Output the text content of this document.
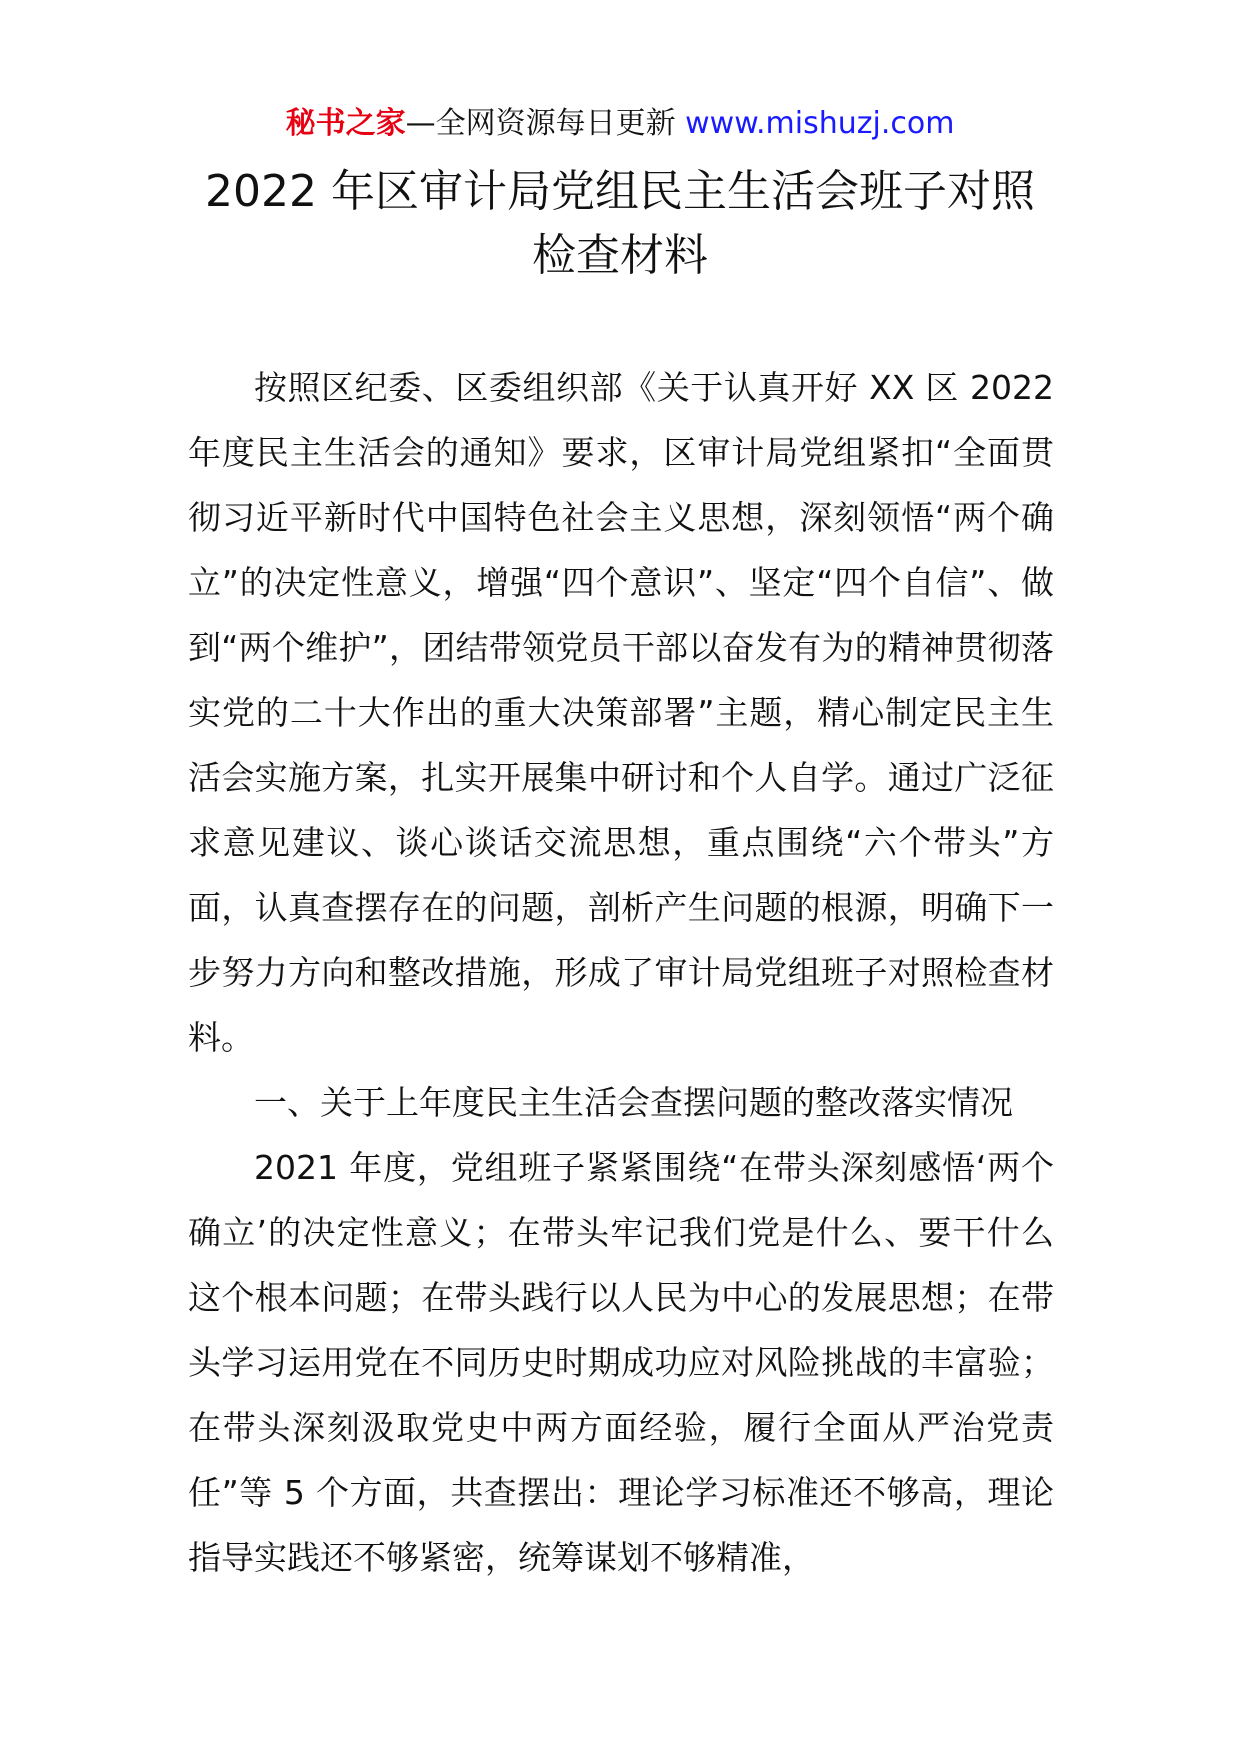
秘书之家—全网资源每日更新 www.mishuzj.com
2022 年区审计局党组民主生活会班子对照
检查材料

按照区纪委、区委组织部《关于认真开好 XX 区 2022 年度民主生活会的通知》要求，区审计局党组紧扣“全面贯彻习近平新时代中国特色社会主义思想，深刻领悟“两个确立”的决定性意义，增强“四个意识”、坚定“四个自信”、做到“两个维护”，团结带领党员干部以奋发有为的精神贯彻落实党的二十大作出的重大决策部署”主题，精心制定民主生活会实施方案，扎实开展集中研讨和个人自学。通过广泛征求意见建议、谈心谈话交流思想，重点围绕“六个带头”方面，认真查摆存在的问题，剖析产生问题的根源，明确下一步努力方向和整改措施，形成了审计局党组班子对照检查材料。

一、关于上年度民主生活会查摆问题的整改落实情况

2021 年度，党组班子紧紧围绕“在带头深刻感悟‘两个确立’的决定性意义；在带头牢记我们党是什么、要干什么这个根本问题；在带头践行以人民为中心的发展思想；在带头学习运用党在不同历史时期成功应对风险挑战的丰富验；在带头深刻汲取党史中两方面经验，履行全面从严治党责任”等 5 个方面，共查摆出：理论学习标准还不够高，理论指导实践还不够紧密，统筹谋划不够精准，
